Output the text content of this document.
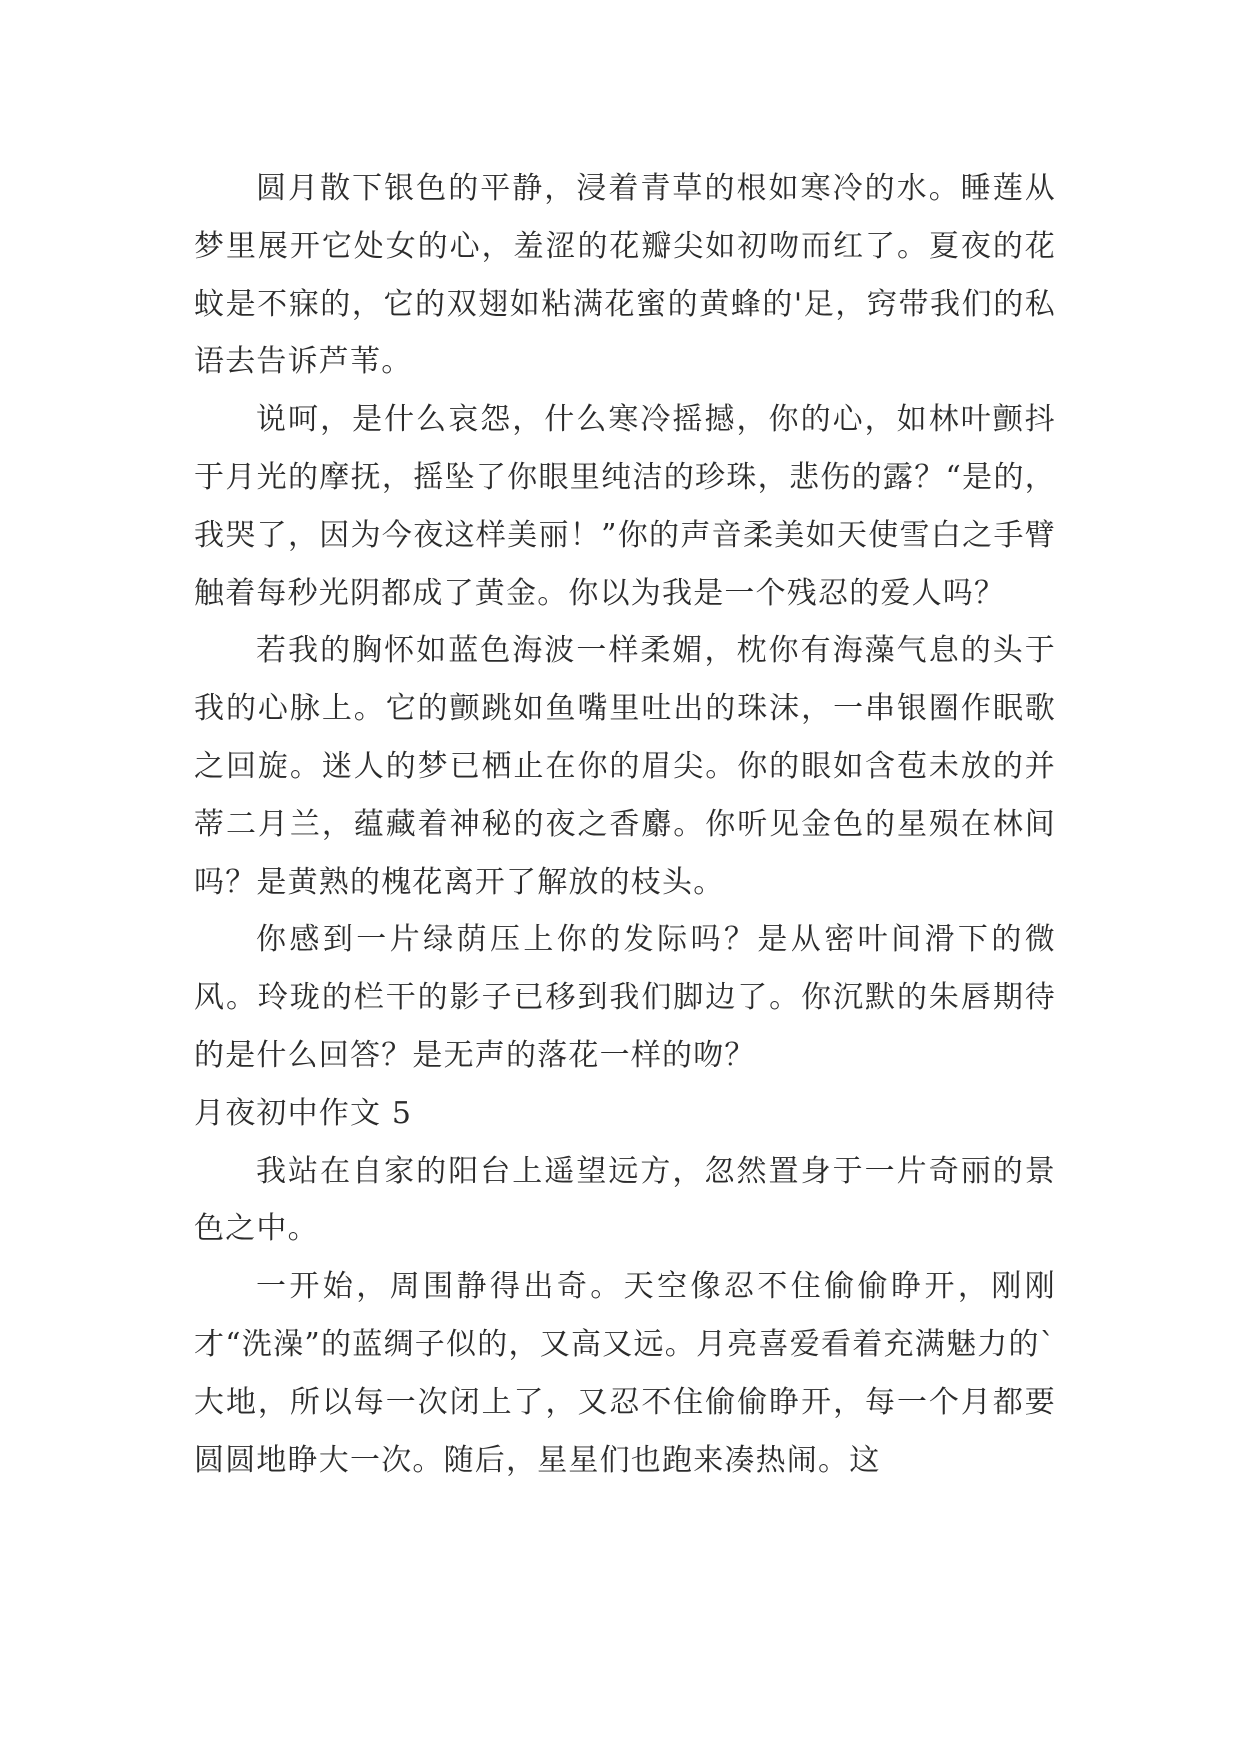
圆月散下银色的平静，浸着青草的根如寒冷的水。睡莲从梦里展开它处女的心，羞涩的花瓣尖如初吻而红了。夏夜的花蚊是不寐的，它的双翅如粘满花蜜的黄蜂的'足，窍带我们的私语去告诉芦苇。

说呵，是什么哀怨，什么寒冷摇撼，你的心，如林叶颤抖于月光的摩抚，摇坠了你眼里纯洁的珍珠，悲伤的露？“是的，我哭了，因为今夜这样美丽！”你的声音柔美如天使雪白之手臂触着每秒光阴都成了黄金。你以为我是一个残忍的爱人吗？

若我的胸怀如蓝色海波一样柔媚，枕你有海藻气息的头于我的心脉上。它的颤跳如鱼嘴里吐出的珠沫，一串银圈作眠歌之回旋。迷人的梦已栖止在你的眉尖。你的眼如含苞未放的并蒂二月兰，蕴藏着神秘的夜之香麝。你听见金色的星殒在林间吗？是黄熟的槐花离开了解放的枝头。

你感到一片绿荫压上你的发际吗？是从密叶间滑下的微风。玲珑的栏干的影子已移到我们脚边了。你沉默的朱唇期待的是什么回答？是无声的落花一样的吻？

月夜初中作文 5

我站在自家的阳台上遥望远方，忽然置身于一片奇丽的景色之中。

一开始，周围静得出奇。天空像忍不住偷偷睁开，刚刚才“洗澡”的蓝绸子似的，又高又远。月亮喜爱看着充满魅力的`大地，所以每一次闭上了，又忍不住偷偷睁开，每一个月都要圆圆地睁大一次。随后，星星们也跑来凑热闹。这
